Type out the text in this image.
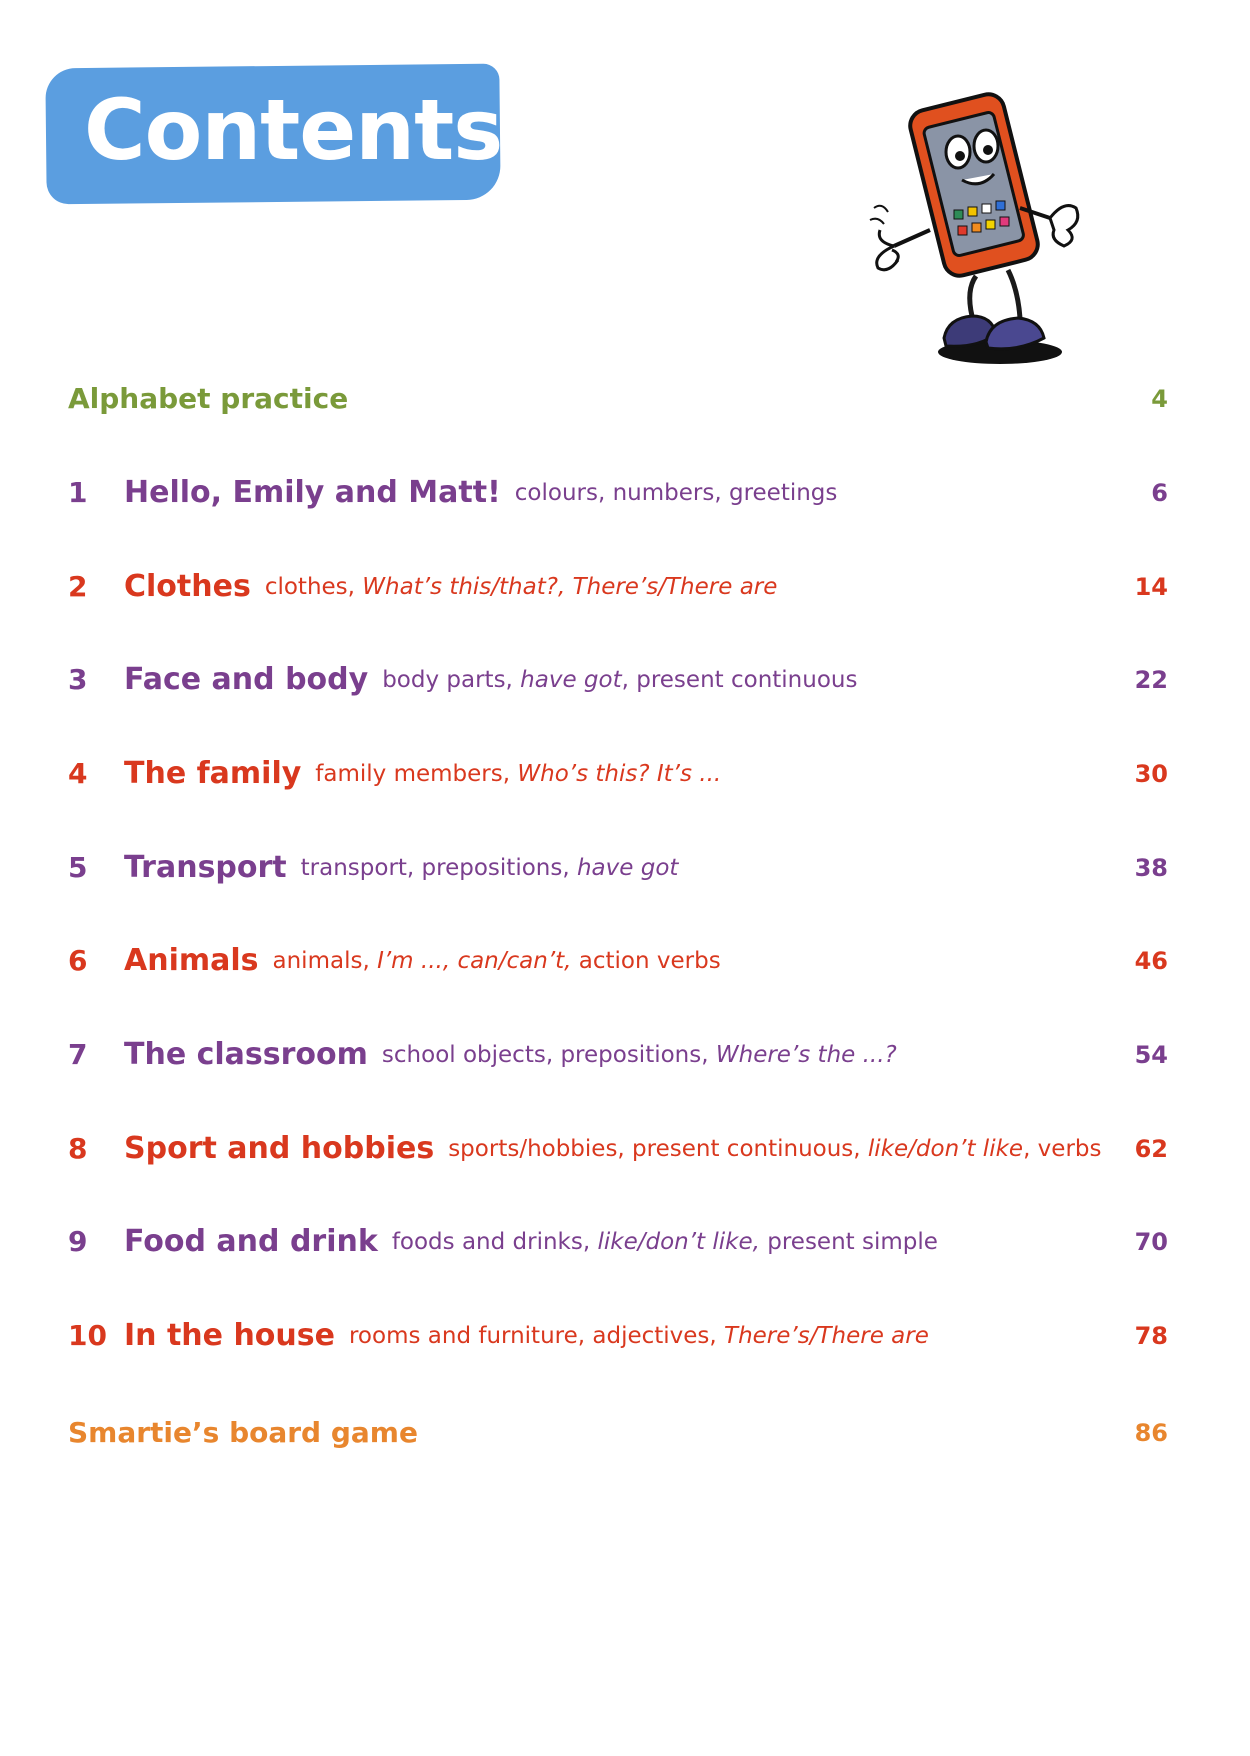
Contents
Alphabet practice	4
1	Hello, Emily and Matt! colours, numbers, greetings	6
2	Clothes clothes, What’s this/that?, There’s/There are	14
3	Face and body body parts, have got, present continuous	22
4	The family family members, Who’s this? It’s ...	30
5	Transport transport, prepositions, have got	38
6	Animals animals, I’m ..., can/can’t, action verbs	46
7	The classroom school objects, prepositions, Where’s the ...?	54
8	Sport and hobbies sports/hobbies, present continuous, like/don’t like, verbs 62
9	Food and drink foods and drinks, like/don’t like, present simple	70
10 In the house rooms and furniture, adjectives, There’s/There are	78
Smartie’s board game	86
